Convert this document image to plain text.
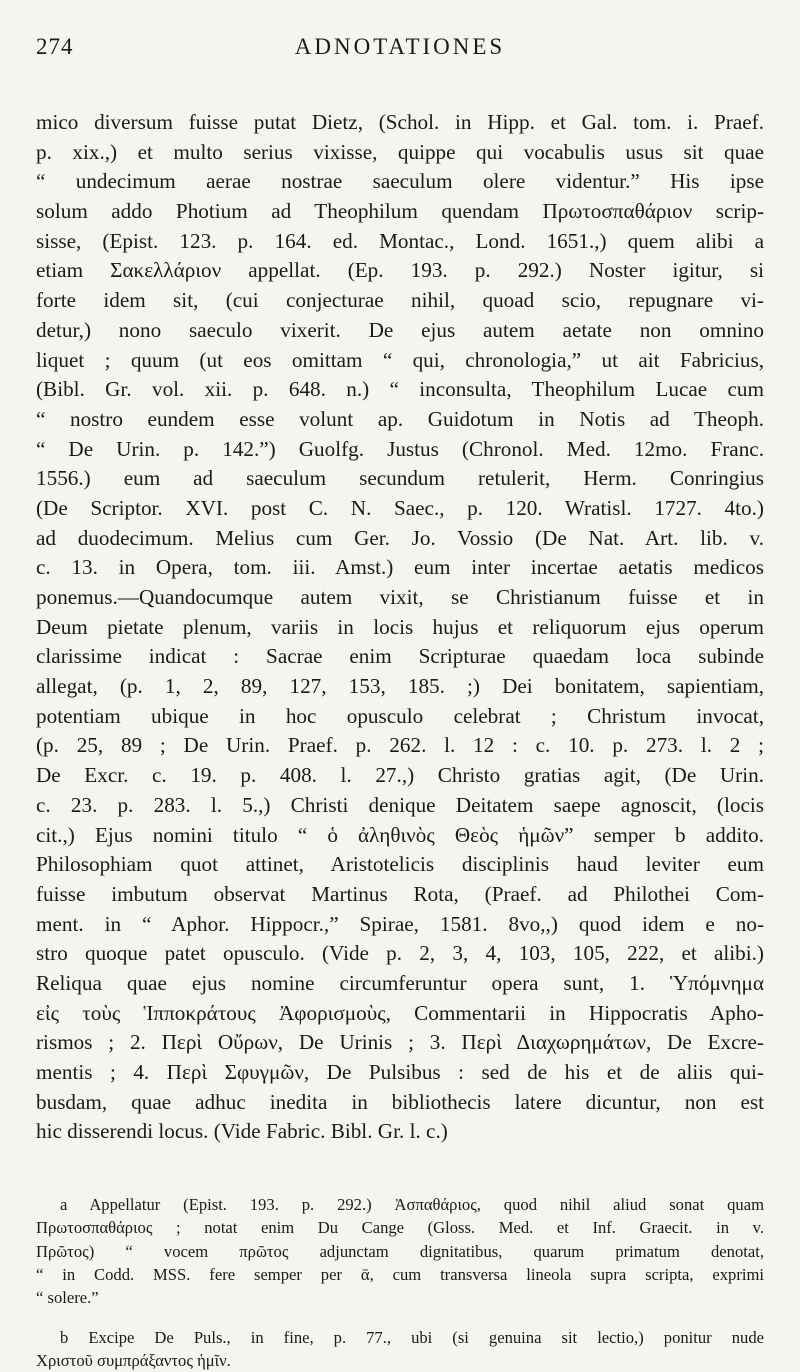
274	ADNOTATIONES
mico diversum fuisse putat Dietz, (Schol. in Hipp. et Gal. tom. i. Praef.
p. xix.,) et multo serius vixisse, quippe qui vocabulis usus sit quae
“ undecimum aerae nostrae saeculum olere videntur.” His ipse
solum addo Photium ad Theophilum quendam Πρωτοσπαθάριον scrip-
sisse, (Epist. 123. p. 164. ed. Montac., Lond. 1651.,) quem alibi a
etiam Σακελλάριον appellat. (Ep. 193. p. 292.) Noster igitur, si
forte idem sit, (cui conjecturae nihil, quoad scio, repugnare vi-
detur,) nono saeculo vixerit. De ejus autem aetate non omnino
liquet ; quum (ut eos omittam “ qui, chronologia,” ut ait Fabricius,
(Bibl. Gr. vol. xii. p. 648. n.) “ inconsulta, Theophilum Lucae cum
“ nostro eundem esse volunt ap. Guidotum in Notis ad Theoph.
“ De Urin. p. 142.”) Guolfg. Justus (Chronol. Med. 12mo. Franc.
1556.) eum ad saeculum secundum retulerit, Herm. Conringius
(De Scriptor. XVI. post C. N. Saec., p. 120. Wratisl. 1727. 4to.)
ad duodecimum. Melius cum Ger. Jo. Vossio (De Nat. Art. lib. v.
c. 13. in Opera, tom. iii. Amst.) eum inter incertae aetatis medicos
ponemus.—Quandocumque autem vixit, se Christianum fuisse et in
Deum pietate plenum, variis in locis hujus et reliquorum ejus operum
clarissime indicat : Sacrae enim Scripturae quaedam loca subinde
allegat, (p. 1, 2, 89, 127, 153, 185. ;) Dei bonitatem, sapientiam,
potentiam ubique in hoc opusculo celebrat ; Christum invocat,
(p. 25, 89 ; De Urin. Praef. p. 262. l. 12 : c. 10. p. 273. l. 2 ;
De Excr. c. 19. p. 408. l. 27.,) Christo gratias agit, (De Urin.
c. 23. p. 283. l. 5.,) Christi denique Deitatem saepe agnoscit, (locis
cit.,) Ejus nomini titulo “ ὁ ἀληθινὸς Θεὸς ἡμῶν” semper b addito.
Philosophiam quot attinet, Aristotelicis disciplinis haud leviter eum
fuisse imbutum observat Martinus Rota, (Praef. ad Philothei Com-
ment. in “ Aphor. Hippocr.,” Spirae, 1581. 8vo,,) quod idem e no-
stro quoque patet opusculo. (Vide p. 2, 3, 4, 103, 105, 222, et alibi.)
Reliqua quae ejus nomine circumferuntur opera sunt, 1. Ὑπόμνημα
εἰς τοὺς Ἱπποκράτους Ἀφορισμοὺς, Commentarii in Hippocratis Apho-
rismos ; 2. Περὶ Οὔρων, De Urinis ; 3. Περὶ Διαχωρημάτων, De Excre-
mentis ; 4. Περὶ Σφυγμῶν, De Pulsibus : sed de his et de aliis qui-
busdam, quae adhuc inedita in bibliothecis latere dicuntur, non est
hic disserendi locus. (Vide Fabric. Bibl. Gr. l. c.)
a Appellatur (Epist. 193. p. 292.) Ἀσπαθάριος, quod nihil aliud sonat quam
Πρωτοσπαθάριος ; notat enim Du Cange (Gloss. Med. et Inf. Graecit. in v.
Πρῶτος) “ vocem πρῶτος adjunctam dignitatibus, quarum primatum denotat,
“ in Codd. MSS. fere semper per ᾱ, cum transversa lineola supra scripta, exprimi
“ solere.”
b Excipe De Puls., in fine, p. 77., ubi (si genuina sit lectio,) ponitur nude
Χριστοῦ συμπράξαντος ἡμῖν.
